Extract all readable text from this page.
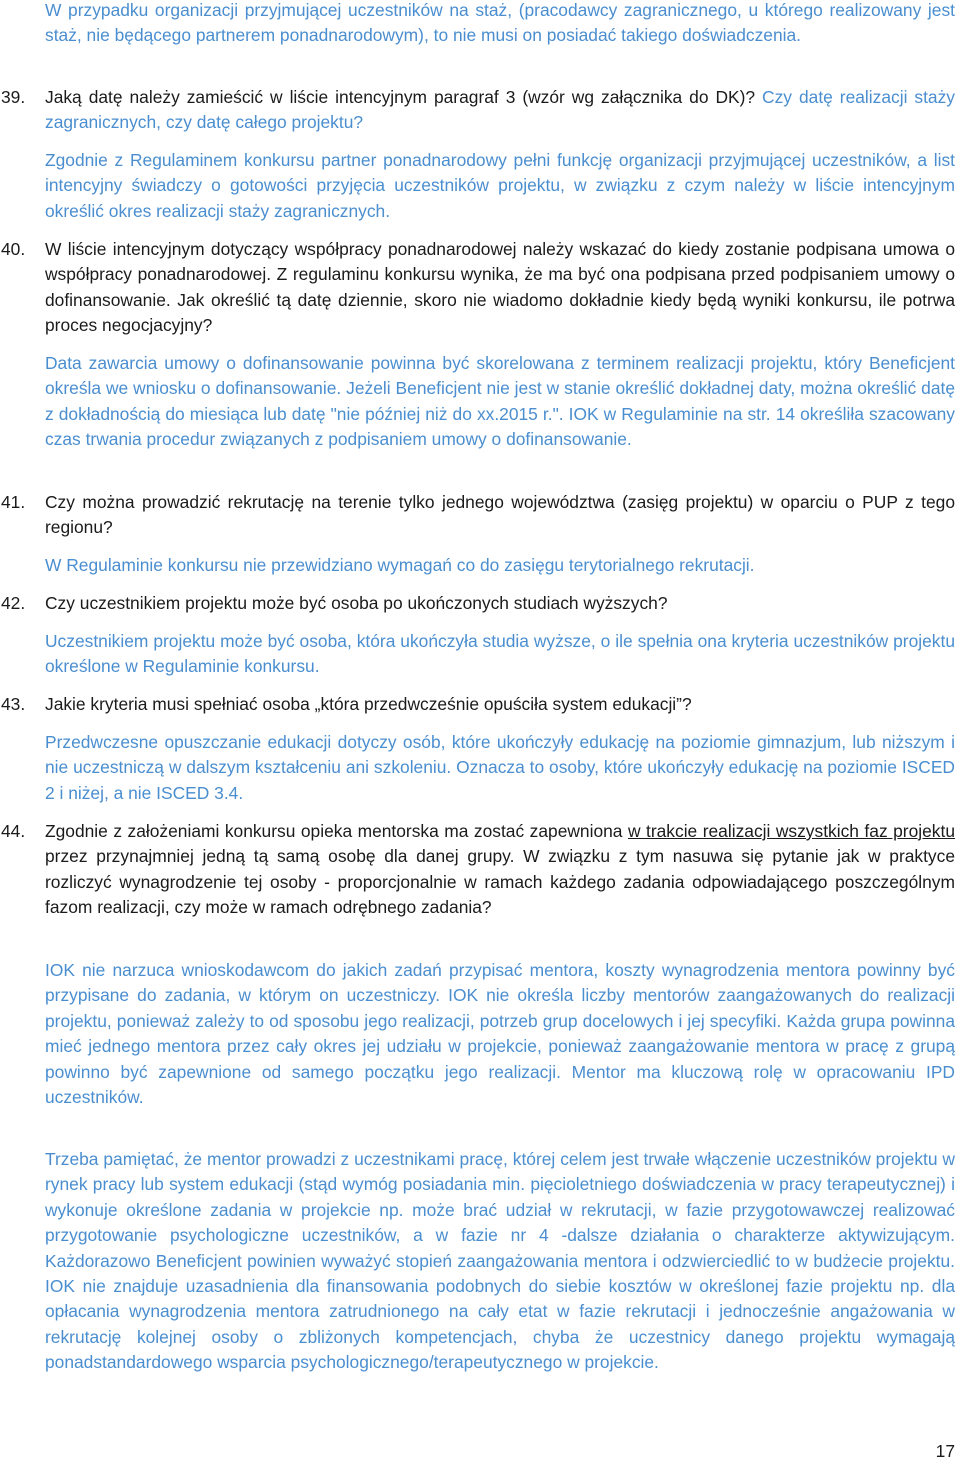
W przypadku organizacji przyjmującej uczestników na staż, (pracodawcy zagranicznego, u którego realizowany jest staż, nie będącego partnerem ponadnarodowym), to nie musi on posiadać takiego doświadczenia.

39.	Jaką datę należy zamieścić w liście intencyjnym paragraf 3 (wzór wg załącznika do DK)? Czy datę realizacji staży zagranicznych, czy datę całego projektu?

Zgodnie z Regulaminem konkursu partner ponadnarodowy pełni funkcję organizacji przyjmującej uczestników, a list intencyjny świadczy o gotowości przyjęcia uczestników projektu, w związku z czym należy w liście intencyjnym określić okres realizacji staży zagranicznych.

40.	W liście intencyjnym dotyczący współpracy ponadnarodowej należy wskazać do kiedy zostanie podpisana umowa o współpracy ponadnarodowej. Z regulaminu konkursu wynika, że ma być ona podpisana przed podpisaniem umowy o dofinansowanie. Jak określić tą datę dziennie, skoro nie wiadomo dokładnie kiedy będą wyniki konkursu, ile potrwa proces negocjacyjny?

Data zawarcia umowy o dofinansowanie powinna być skorelowana z terminem realizacji projektu, który Beneficjent określa we wniosku o dofinansowanie. Jeżeli Beneficjent nie jest w stanie określić dokładnej daty, można określić datę z dokładnością do miesiąca lub datę "nie później niż do xx.2015 r.". IOK w Regulaminie na str. 14 określiła szacowany czas trwania procedur związanych z podpisaniem umowy o dofinansowanie.

41.	Czy można prowadzić rekrutację na terenie tylko jednego województwa (zasięg projektu) w oparciu o PUP z tego regionu?

W Regulaminie konkursu nie przewidziano wymagań co do zasięgu terytorialnego rekrutacji.

42.	Czy uczestnikiem projektu może być osoba po ukończonych studiach wyższych?

Uczestnikiem projektu może być osoba, która ukończyła studia wyższe, o ile spełnia ona kryteria uczestników projektu określone w Regulaminie konkursu.

43.	Jakie kryteria musi spełniać osoba „która przedwcześnie opuściła system edukacji”?

Przedwczesne opuszczanie edukacji dotyczy osób, które ukończyły edukację na poziomie gimnazjum, lub niższym i nie uczestniczą w dalszym kształceniu ani szkoleniu. Oznacza to osoby, które ukończyły edukację na poziomie ISCED 2 i niżej, a nie ISCED 3.4.

44.	Zgodnie z założeniami konkursu opieka mentorska ma zostać zapewniona w trakcie realizacji wszystkich faz projektu przez przynajmniej jedną tą samą osobę dla danej grupy. W związku z tym nasuwa się pytanie jak w praktyce rozliczyć wynagrodzenie tej osoby - proporcjonalnie w ramach każdego zadania odpowiadającego poszczególnym fazom realizacji, czy może w ramach odrębnego zadania?

IOK nie narzuca wnioskodawcom do jakich zadań przypisać mentora, koszty wynagrodzenia mentora powinny być przypisane do zadania, w którym on uczestniczy. IOK nie określa liczby mentorów zaangażowanych do realizacji projektu, ponieważ zależy to od sposobu jego realizacji, potrzeb grup docelowych i jej specyfiki. Każda grupa powinna mieć jednego mentora przez cały okres jej udziału w projekcie, ponieważ zaangażowanie mentora w pracę z grupą powinno być zapewnione od samego początku jego realizacji. Mentor ma kluczową rolę w opracowaniu IPD uczestników.

Trzeba pamiętać, że mentor prowadzi z uczestnikami pracę, której celem jest trwałe włączenie uczestników projektu w rynek pracy lub system edukacji (stąd wymóg posiadania min. pięcioletniego doświadczenia w pracy terapeutycznej) i wykonuje określone zadania w projekcie np. może brać udział w rekrutacji, w fazie przygotowawczej realizować przygotowanie psychologiczne uczestników, a w fazie nr 4 -dalsze działania o charakterze aktywizującym. Każdorazowo Beneficjent powinien wyważyć stopień zaangażowania mentora i odzwierciedlić to w budżecie projektu. IOK nie znajduje uzasadnienia dla finansowania podobnych do siebie kosztów w określonej fazie projektu np. dla opłacania wynagrodzenia mentora zatrudnionego na cały etat w fazie rekrutacji i jednocześnie angażowania w rekrutację kolejnej osoby o zbliżonych kompetencjach, chyba że uczestnicy danego projektu wymagają ponadstandardowego wsparcia psychologicznego/terapeutycznego w projekcie.

17
